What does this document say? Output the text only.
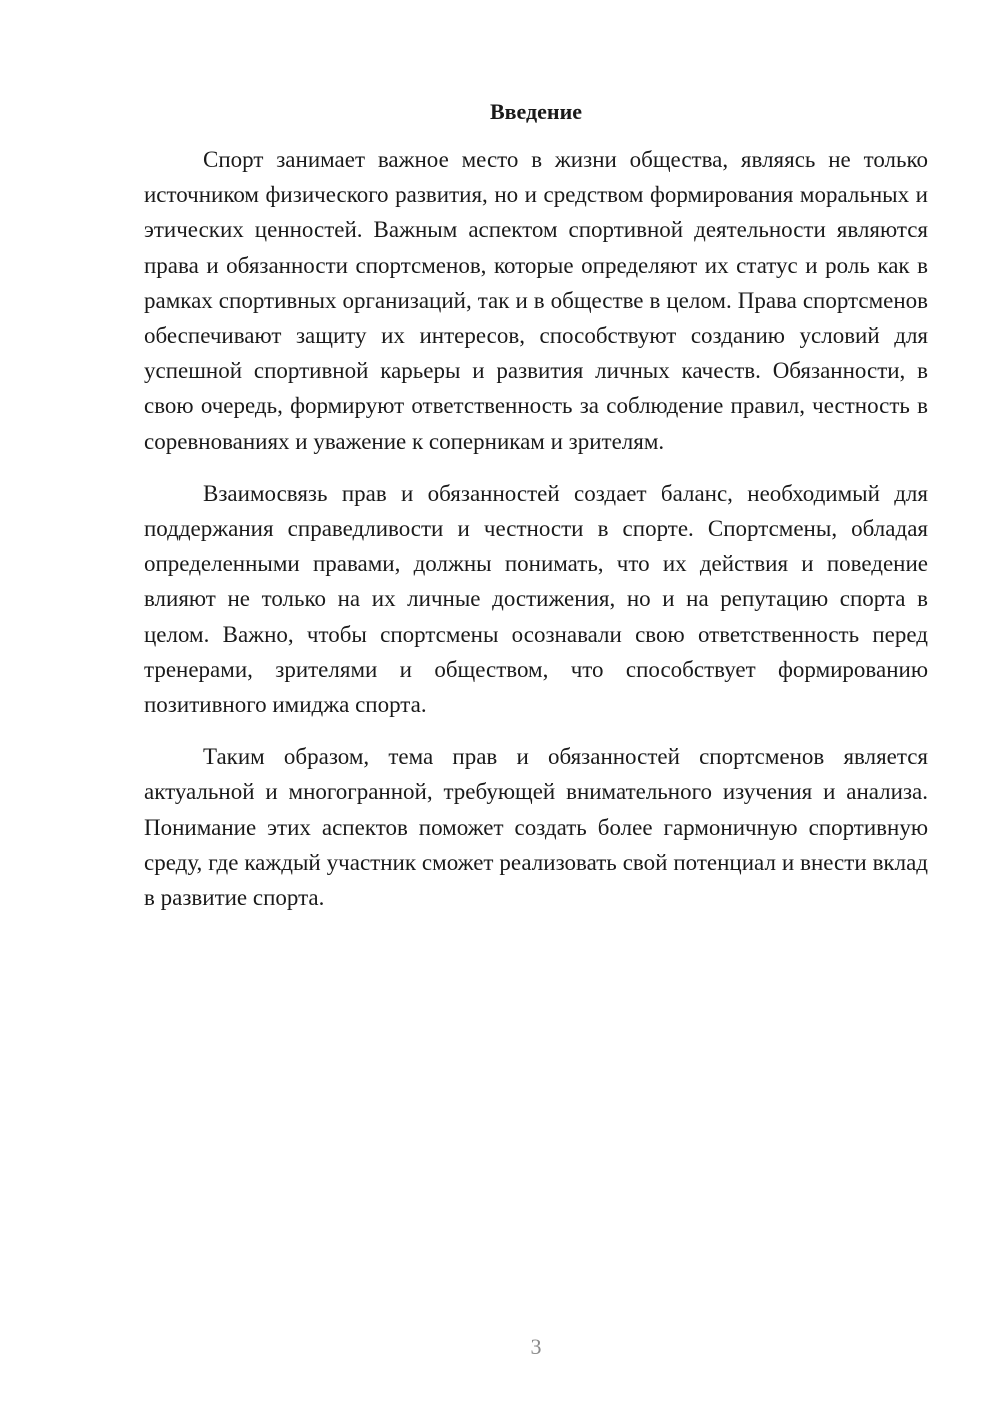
Введение

Спорт занимает важное место в жизни общества, являясь не только источником физического развития, но и средством формирования моральных и этических ценностей. Важным аспектом спортивной деятельности являются права и обязанности спортсменов, которые определяют их статус и роль как в рамках спортивных организаций, так и в обществе в целом. Права спортсменов обеспечивают защиту их интересов, способствуют созданию условий для успешной спортивной карьеры и развития личных качеств. Обязанности, в свою очередь, формируют ответственность за соблюдение правил, честность в соревнованиях и уважение к соперникам и зрителям.

Взаимосвязь прав и обязанностей создает баланс, необходимый для поддержания справедливости и честности в спорте. Спортсмены, обладая определенными правами, должны понимать, что их действия и поведение влияют не только на их личные достижения, но и на репутацию спорта в целом. Важно, чтобы спортсмены осознавали свою ответственность перед тренерами, зрителями и обществом, что способствует формированию позитивного имиджа спорта.

Таким образом, тема прав и обязанностей спортсменов является актуальной и многогранной, требующей внимательного изучения и анализа. Понимание этих аспектов поможет создать более гармоничную спортивную среду, где каждый участник сможет реализовать свой потенциал и внести вклад в развитие спорта.

3
